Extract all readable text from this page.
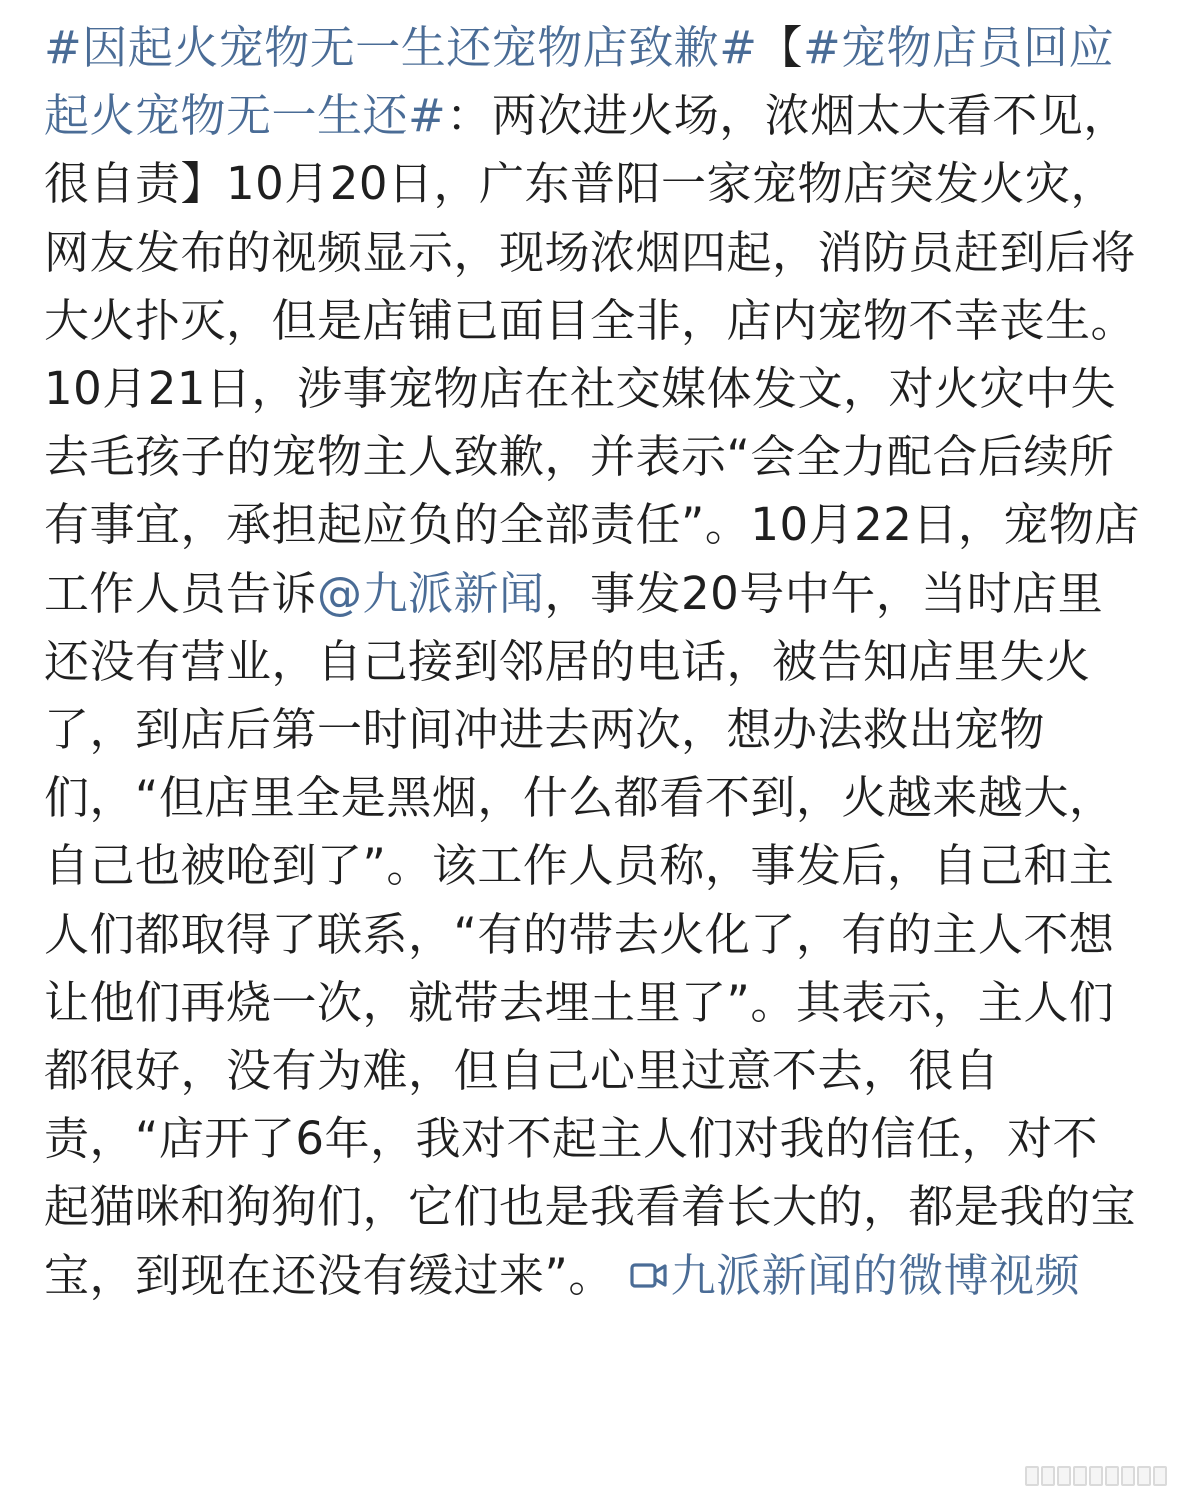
#因起火宠物无一生还宠物店致歉#【#宠物店员回应起火宠物无一生还#：两次进火场，浓烟太大看不见，很自责】10月20日，广东普阳一家宠物店突发火灾，网友发布的视频显示，现场浓烟四起，消防员赶到后将大火扑灭，但是店铺已面目全非，店内宠物不幸丧生。10月21日，涉事宠物店在社交媒体发文，对火灾中失去毛孩子的宠物主人致歉，并表示“会全力配合后续所有事宜，承担起应负的全部责任”。10月22日，宠物店工作人员告诉@九派新闻，事发20号中午，当时店里还没有营业，自己接到邻居的电话，被告知店里失火了，到店后第一时间冲进去两次，想办法救出宠物们，“但店里全是黑烟，什么都看不到，火越来越大，自己也被呛到了”。该工作人员称，事发后，自己和主人们都取得了联系，“有的带去火化了，有的主人不想让他们再烧一次，就带去埋土里了”。其表示，主人们都很好，没有为难，但自己心里过意不去，很自责，“店开了6年，我对不起主人们对我的信任，对不起猫咪和狗狗们，它们也是我看着长大的，都是我的宝宝，到现在还没有缓过来”。 九派新闻的微博视频
